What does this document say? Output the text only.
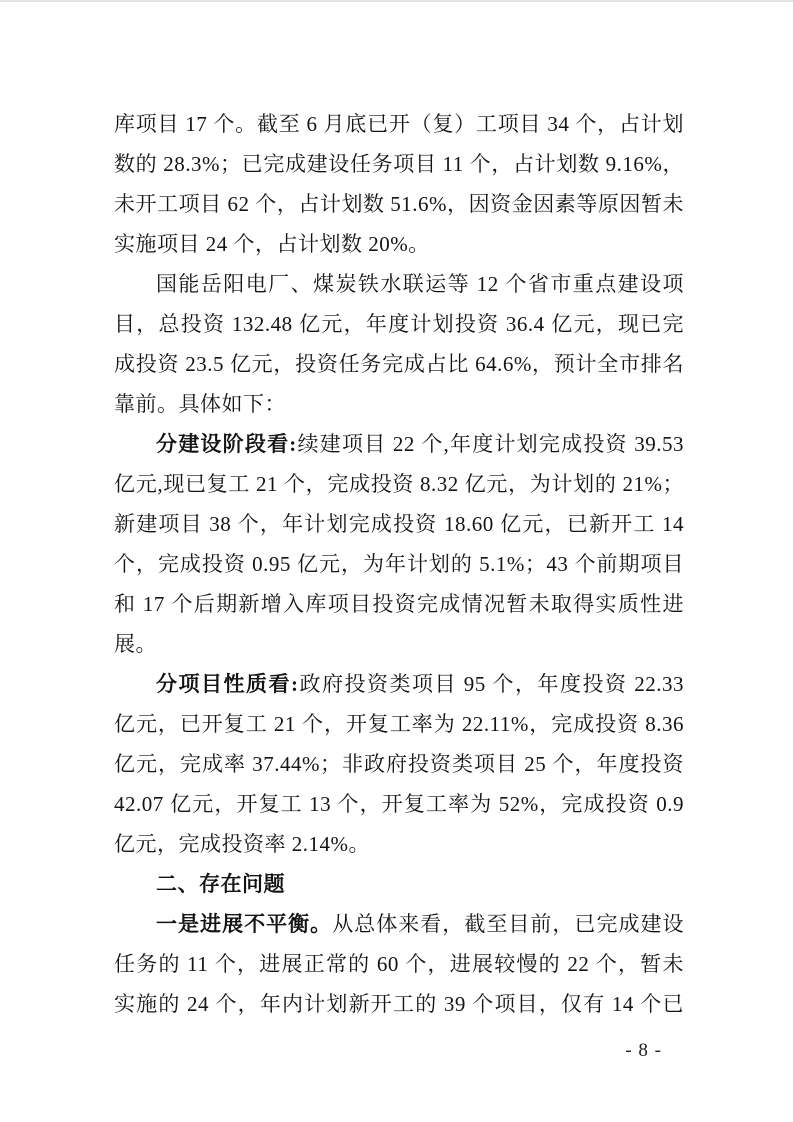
库项目 17 个。截至 6 月底已开（复）工项目 34 个，占计划
数的 28.3%；已完成建设任务项目 11 个，占计划数 9.16%，
未开工项目 62 个，占计划数 51.6%，因资金因素等原因暂未
实施项目 24 个，占计划数 20%。
国能岳阳电厂、煤炭铁水联运等 12 个省市重点建设项
目，总投资 132.48 亿元，年度计划投资 36.4 亿元，现已完
成投资 23.5 亿元，投资任务完成占比 64.6%，预计全市排名
靠前。具体如下：
分建设阶段看:续建项目 22 个,年度计划完成投资 39.53
亿元,现已复工 21 个，完成投资 8.32 亿元，为计划的 21%；
新建项目 38 个，年计划完成投资 18.60 亿元，已新开工 14
个，完成投资 0.95 亿元，为年计划的 5.1%；43 个前期项目
和 17 个后期新增入库项目投资完成情况暂未取得实质性进
展。
分项目性质看:政府投资类项目 95 个，年度投资 22.33
亿元，已开复工 21 个，开复工率为 22.11%，完成投资 8.36
亿元，完成率 37.44%；非政府投资类项目 25 个，年度投资
42.07 亿元，开复工 13 个，开复工率为 52%，完成投资 0.9
亿元，完成投资率 2.14%。
二、存在问题
一是进展不平衡。从总体来看，截至目前，已完成建设
任务的 11 个，进展正常的 60 个，进展较慢的 22 个，暂未
实施的 24 个，年内计划新开工的 39 个项目，仅有 14 个已
- 8 -
